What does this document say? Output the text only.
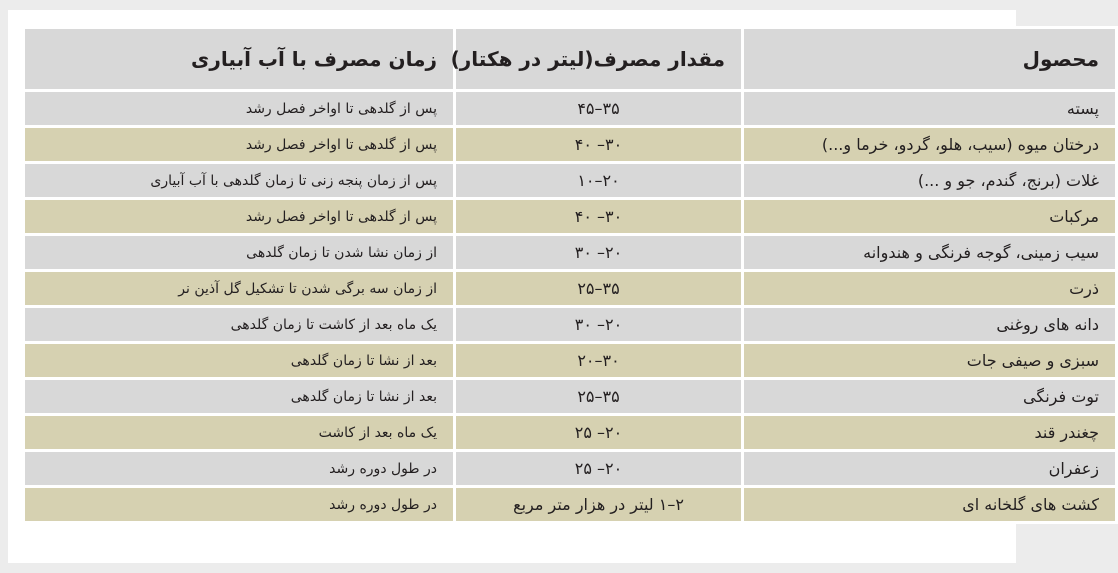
محصول	مقدار مصرف(لیتر در هکتار)	زمان مصرف با آب آبیاری
پسته	۳۵–۴۵	پس از گلدهی تا اواخر فصل رشد
درختان میوه (سیب، هلو، گردو، خرما و...)	۳۰– ۴۰	پس از گلدهی تا اواخر فصل رشد
غلات (برنج، گندم، جو و ...)	۲۰–۱۰	پس از زمان پنجه زنی تا زمان گلدهی با آب آبیاری
مرکبات	۳۰– ۴۰	پس از گلدهی تا اواخر فصل رشد
سیب زمینی، گوجه فرنگی و هندوانه	۲۰– ۳۰	از زمان نشا شدن تا زمان گلدهی
ذرت	۳۵–۲۵	از زمان سه برگی شدن تا تشکیل گل آذین نر
دانه های روغنی	۲۰– ۳۰	یک ماه بعد از کاشت تا زمان گلدهی
سبزی و صیفی جات	۳۰–۲۰	بعد از نشا تا زمان گلدهی
توت فرنگی	۳۵–۲۵	بعد از نشا تا زمان گلدهی
چغندر قند	۲۰– ۲۵	یک ماه بعد از کاشت
زعفران	۲۰– ۲۵	در طول دوره رشد
کشت های گلخانه ای	۲–۱ لیتر در هزار متر مربع	در طول دوره رشد
